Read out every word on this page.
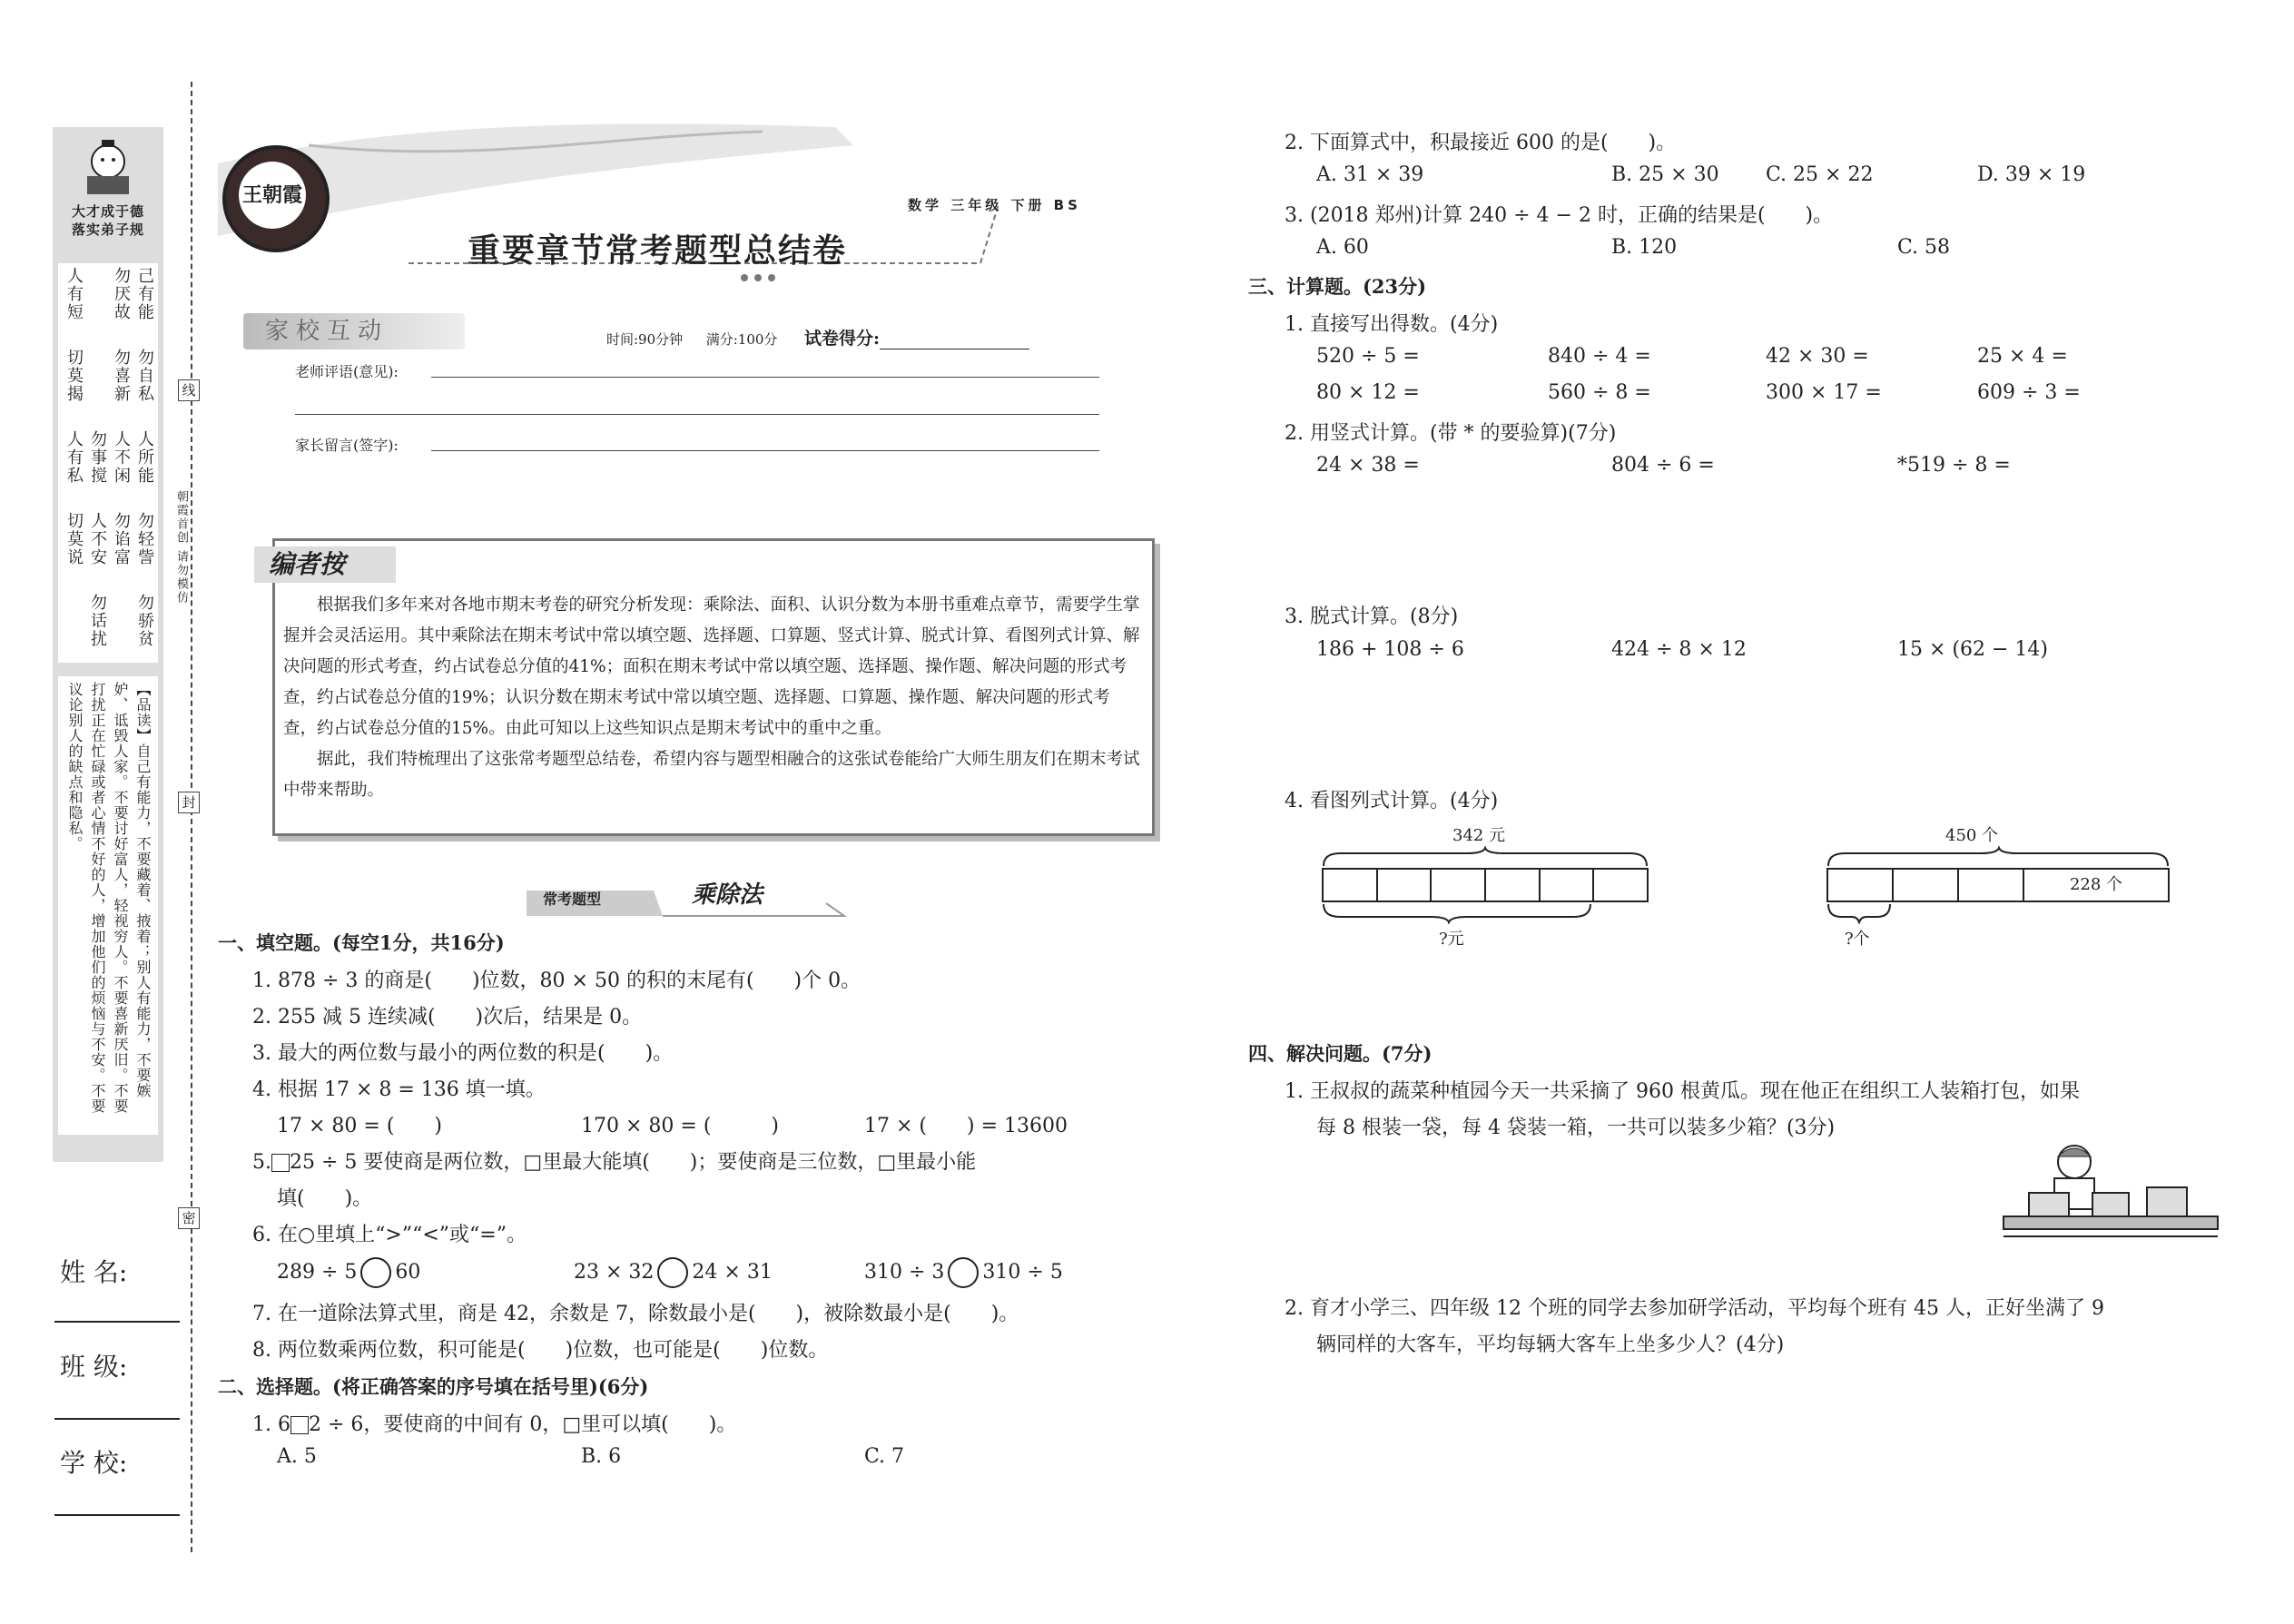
大才成于德
落实弟子规
己有能
勿自私
人所能
勿轻訾
勿谄富
勿骄贫
勿厌故
勿喜新
人不闲
勿事搅
人不安
勿话扰
人有短
切莫揭
人有私
切莫说
【品读】自己有能力，不要藏着、掖着；别人有能力，不要嫉妒、诋毁人家。不要讨好富人，轻视穷人。不要喜新厌旧。不要打扰正在忙碌或者心情不好的人，增加他们的烦恼与不安。不要议论别人的缺点和隐私。
线
封
密
朝霞首创 请勿模仿
姓 名:
班 级:
学 校:
王朝霞	数学 三年级 下册 BS
重要章节常考题型总结卷
家校互动	时间:90分钟 满分:100分 试卷得分:
老师评语(意见):
家长留言(签字):
编者按

根据我们多年来对各地市期末考卷的研究分析发现：乘除法、面积、认识分数为本册书重难点章节，需要学生掌握并会灵活运用。其中乘除法在期末考试中常以填空题、选择题、口算题、竖式计算、脱式计算、看图列式计算、解决问题的形式考查，约占试卷总分值的41%；面积在期末考试中常以填空题、选择题、操作题、解决问题的形式考查，约占试卷总分值的19%；认识分数在期末考试中常以填空题、选择题、口算题、操作题、解决问题的形式考查，约占试卷总分值的15%。由此可知以上这些知识点是期末考试中的重中之重。

据此，我们特梳理出了这张常考题型总结卷，希望内容与题型相融合的这张试卷能给广大师生朋友们在期末考试中带来帮助。

常考题型	乘除法
一、填空题。(每空1分，共16分)
1. 878 ÷ 3 的商是(　　)位数，80 × 50 的积的末尾有(　　)个 0。
2. 255 减 5 连续减(　　)次后，结果是 0。
3. 最大的两位数与最小的两位数的积是(　　)。
4. 根据 17 × 8 = 136 填一填。
17 × 80 = (　　)	170 × 80 = (　　　)	17 × (　　) = 13600
5. 25 ÷ 5 要使商是两位数，□里最大能填(　　)；要使商是三位数，□里最小能
填(　　)。
6. 在○里填上“>”“<”或“=”。
289 ÷ 5 60	23 × 32 24 × 31	310 ÷ 3 310 ÷ 5
7. 在一道除法算式里，商是 42，余数是 7，除数最小是(　　)，被除数最小是(　　)。
8. 两位数乘两位数，积可能是(　　)位数，也可能是(　　)位数。
二、选择题。(将正确答案的序号填在括号里)(6分)
1. 6 2 ÷ 6，要使商的中间有 0，□里可以填(　　)。
A. 5	B. 6	C. 7
2. 下面算式中，积最接近 600 的是(　　)。
A. 31 × 39	B. 25 × 30 C. 25 × 22	D. 39 × 19
3. (2018 郑州)计算 240 ÷ 4 − 2 时，正确的结果是(　　)。
A. 60	B. 120	C. 58
三、计算题。(23分)
1. 直接写出得数。(4分)
520 ÷ 5 =	840 ÷ 4 =	42 × 30 =	25 × 4 =
80 × 12 =	560 ÷ 8 =	300 × 17 =	609 ÷ 3 =
2. 用竖式计算。(带 * 的要验算)(7分)
24 × 38 =	804 ÷ 6 =	*519 ÷ 8 =
3. 脱式计算。(8分)
186 + 108 ÷ 6	424 ÷ 8 × 12	15 × (62 − 14)
4. 看图列式计算。(4分)
342 元
?元
450 个
228 个
?个
四、解决问题。(7分)
1. 王叔叔的蔬菜种植园今天一共采摘了 960 根黄瓜。现在他正在组织工人装箱打包，如果
每 8 根装一袋，每 4 袋装一箱，一共可以装多少箱？(3分)
2. 育才小学三、四年级 12 个班的同学去参加研学活动，平均每个班有 45 人，正好坐满了 9
辆同样的大客车，平均每辆大客车上坐多少人？(4分)
